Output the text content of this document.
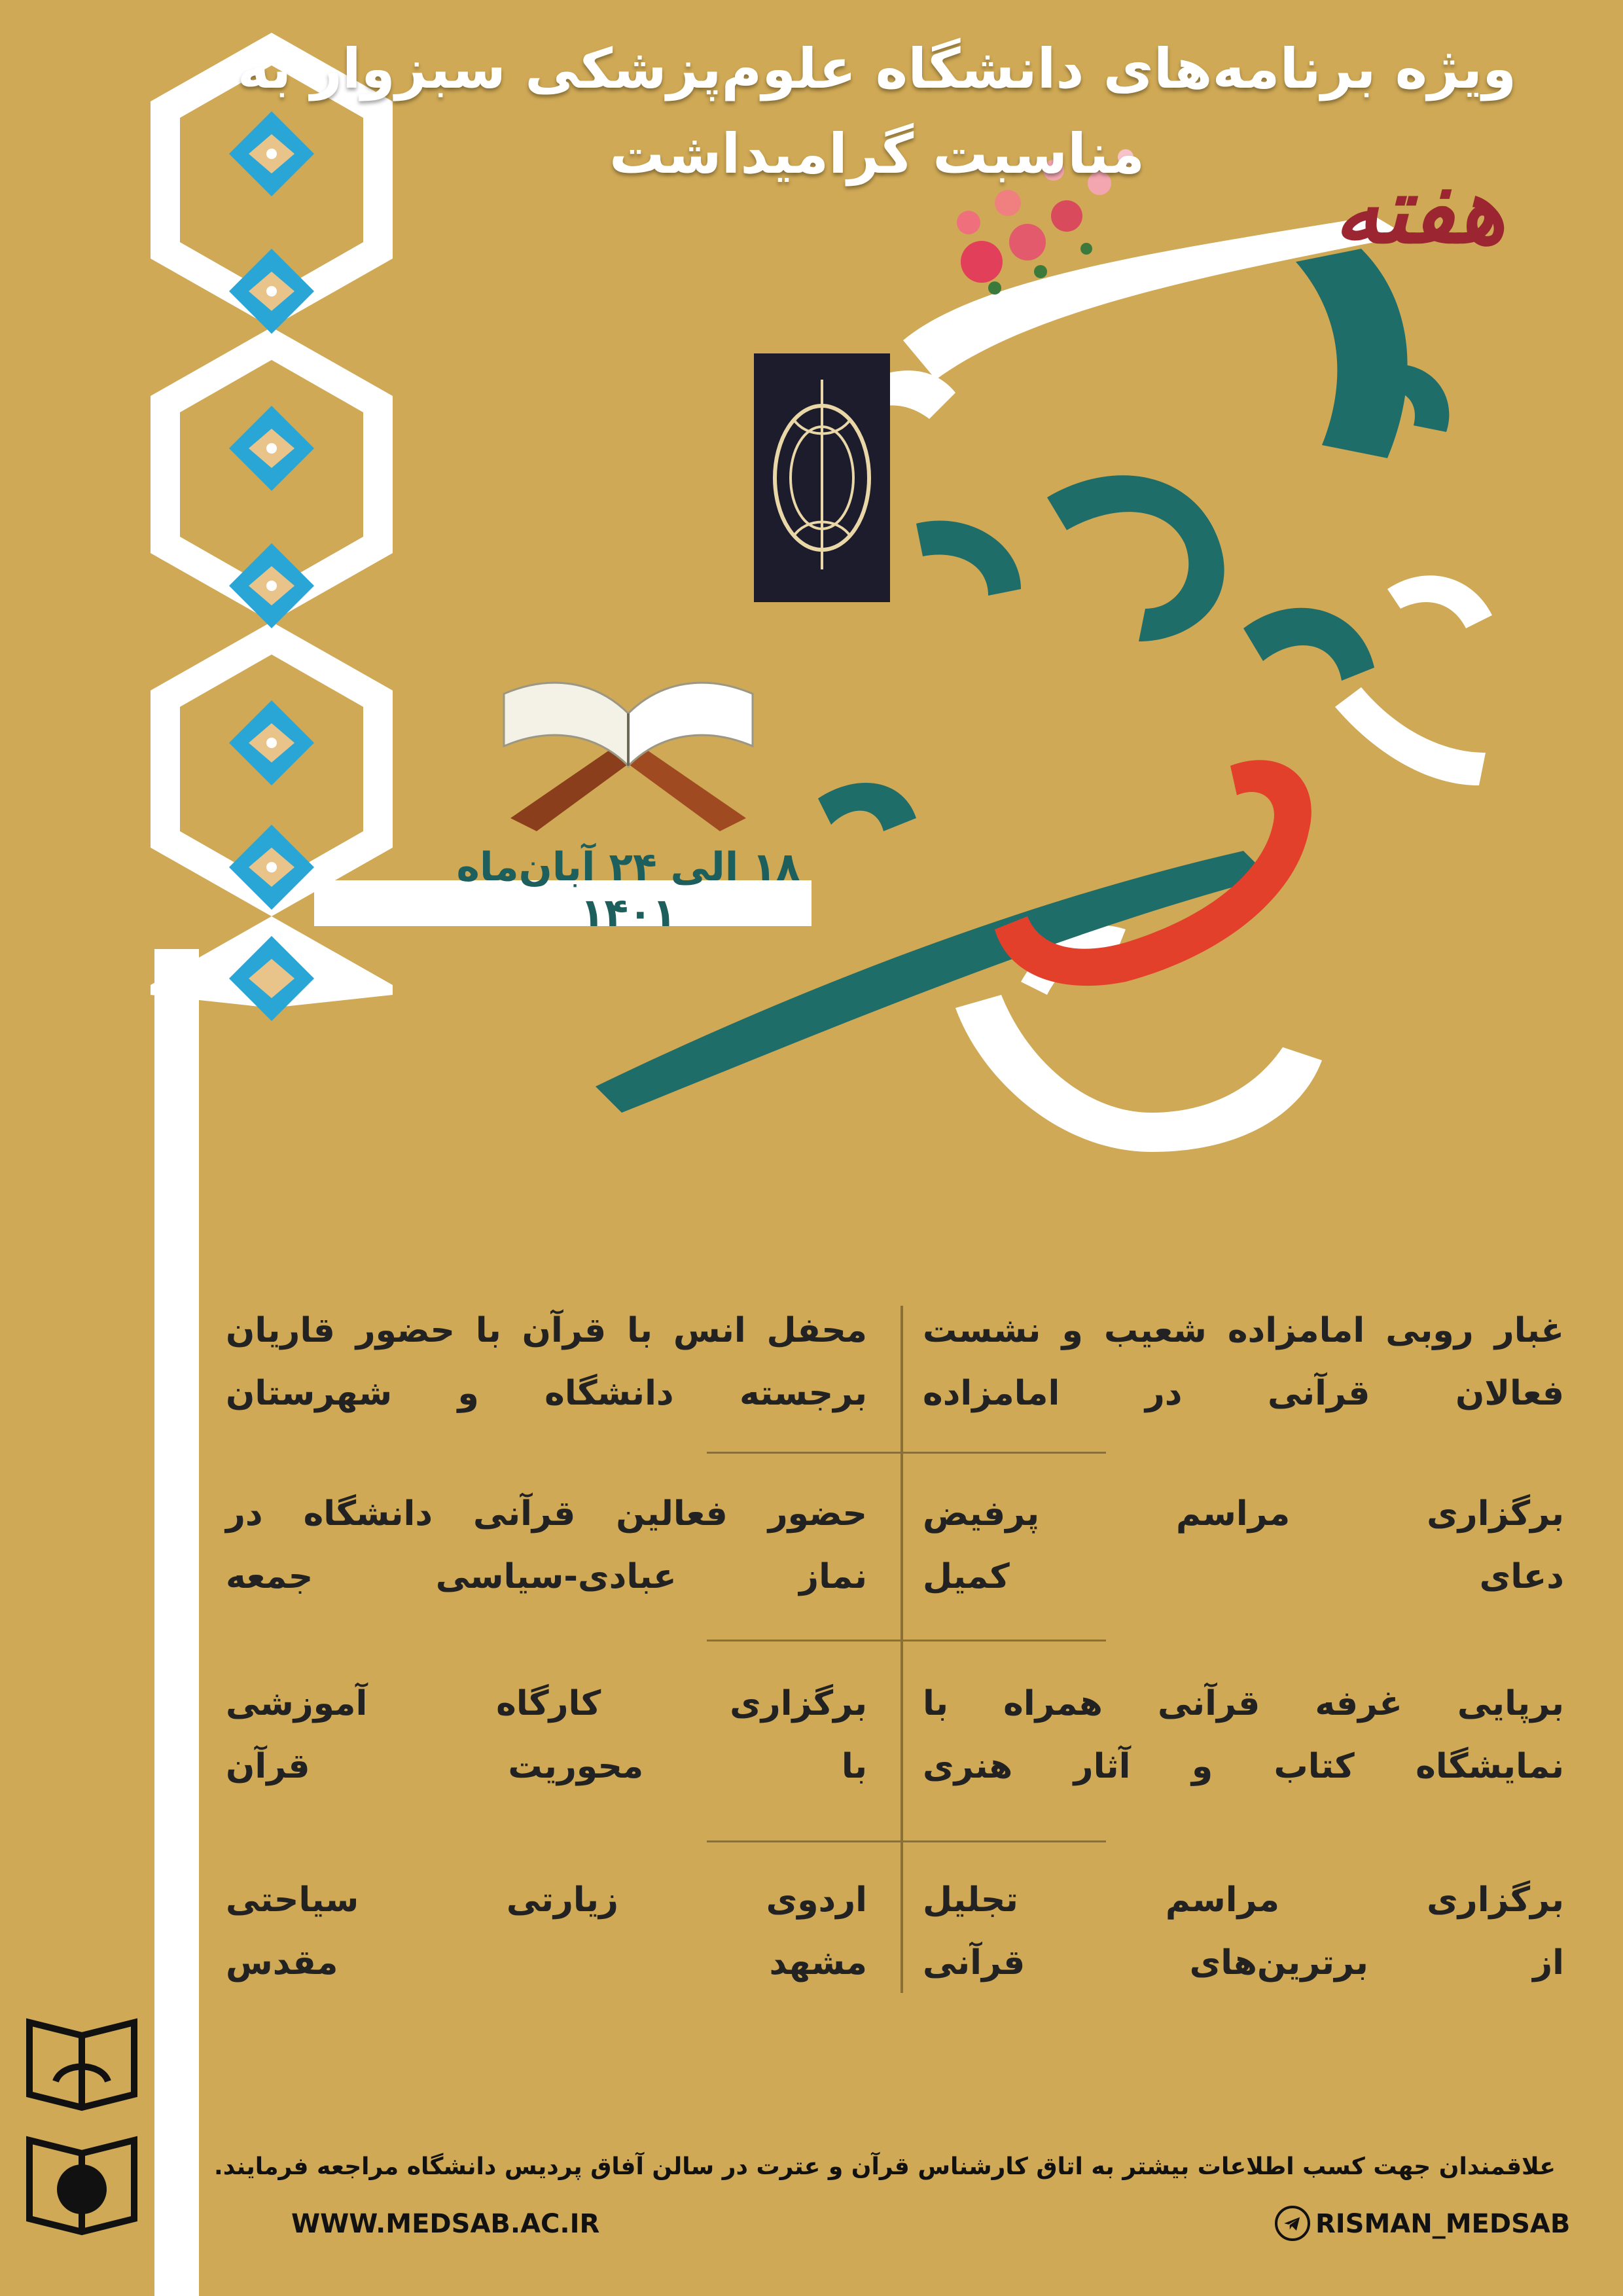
ویژه برنامه‌های دانشگاه علوم‌پزشکی سبزوار به مناسبت گرامیداشت
هفته
۱۸ الی ۲۴ آبان‌ماه ۱۴۰۱
غبار روبی امامزاده شعیب و نشست
فعالان قرآنی در امامزاده
محفل انس با قرآن با حضور قاریان
برجسته دانشگاه و شهرستان
برگزاری مراسم پرفیض
دعای کمیل
حضور فعالین قرآنی دانشگاه در
نماز عبادی-سیاسی جمعه
برپایی غرفه قرآنی همراه با
نمایشگاه کتاب و آثار هنری
برگزاری کارگاه آموزشی
با محوریت قرآن
برگزاری مراسم تجلیل
از برترین‌های قرآنی
اردوی زیارتی سیاحتی
مشهد مقدس
علاقمندان جهت کسب اطلاعات بیشتر به اتاق کارشناس قرآن و عترت در سالن آفاق پردیس دانشگاه مراجعه فرمایند.
WWW.MEDSAB.AC.IR	RISMAN_MEDSAB
